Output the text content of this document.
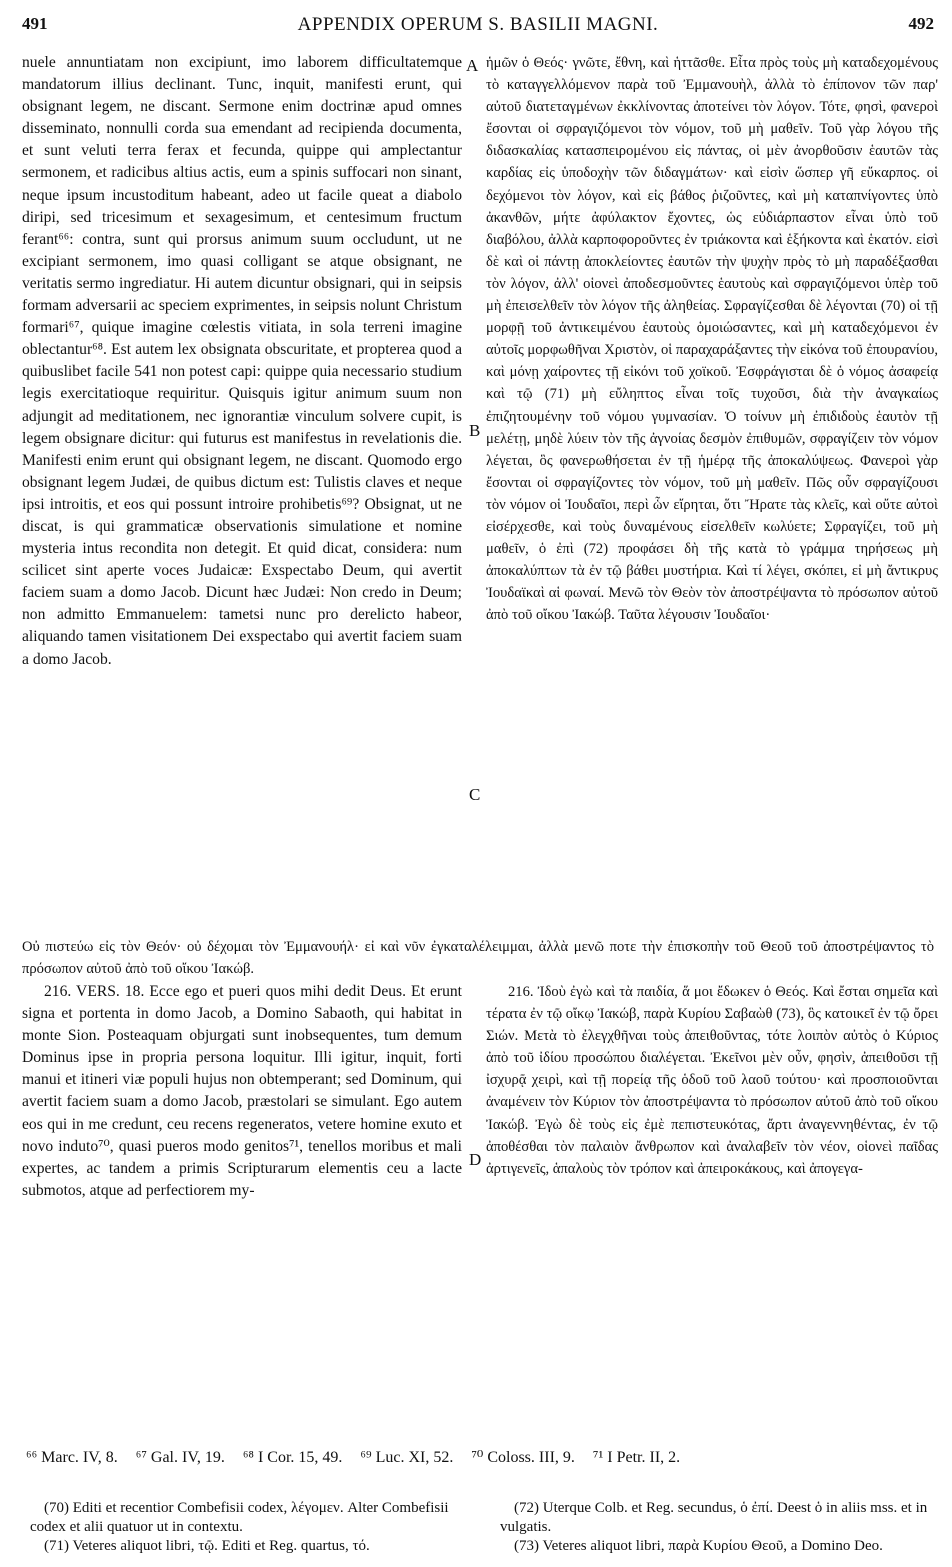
491	APPENDIX OPERUM S. BASILII MAGNI.	492

nuele annuntiatam non excipiunt, imo laborem difficultatemque mandatorum illius declinant. Tunc, inquit, manifesti erunt, qui obsignant legem, ne discant. Sermone enim doctrinæ apud omnes disseminato, nonnulli corda sua emendant ad recipienda documenta, et sunt veluti terra ferax et fecunda, quippe qui amplectantur sermonem, et radicibus altius actis, eum a spinis suffocari non sinant, neque ipsum incustoditum habeant, adeo ut facile queat a diabolo diripi, sed tricesimum et sexagesimum, et centesimum fructum ferant⁶⁶: contra, sunt qui prorsus animum suum occludunt, ut ne excipiant sermonem, imo quasi colligant se atque obsignant, ne veritatis sermo ingrediatur. Hi autem dicuntur obsignari, qui in seipsis formam adversarii ac speciem exprimentes, in seipsis nolunt Christum formari⁶⁷, quique imagine cœlestis vitiata, in sola terreni imagine oblectantur⁶⁸. Est autem lex obsignata obscuritate, et propterea quod a quibuslibet facile 541 non potest capi: quippe quia necessario studium legis exercitatioque requiritur. Quisquis igitur animum suum non adjungit ad meditationem, nec ignorantiæ vinculum solvere cupit, is legem obsignare dicitur: qui futurus est manifestus in revelationis die. Manifesti enim erunt qui obsignant legem, ne discant. Quomodo ergo obsignant legem Judæi, de quibus dictum est: Tulistis claves et neque ipsi introitis, et eos qui possunt introire prohibetis⁶⁹? Obsignat, ut ne discat, is qui grammaticæ observationis simulatione et nomine mysteria intus recondita non detegit. Et quid dicat, considera: num scilicet sint aperte voces Judaicæ: Exspectabo Deum, qui avertit faciem suam a domo Jacob. Dicunt hæc Judæi: Non credo in Deum; non admitto Emmanuelem: tametsi nunc pro derelicto habeor, aliquando tamen visitationem Dei exspectabo qui avertit faciem suam a domo Jacob.

ἡμῶν ὁ Θεός· γνῶτε, ἔθνη, καὶ ἡττᾶσθε. Εἶτα πρὸς τοὺς μὴ καταδεχομένους τὸ καταγγελλόμενον παρὰ τοῦ Ἐμμανουὴλ, ἀλλὰ τὸ ἐπίπονον τῶν παρ' αὐτοῦ διατεταγμένων ἐκκλίνοντας ἀποτείνει τὸν λόγον. Τότε, φησὶ, φανεροὶ ἔσονται οἱ σφραγιζόμενοι τὸν νόμον, τοῦ μὴ μαθεῖν. Τοῦ γὰρ λόγου τῆς διδασκαλίας κατασπειρομένου εἰς πάντας, οἱ μὲν ἀνορθοῦσιν ἑαυτῶν τὰς καρδίας εἰς ὑποδοχὴν τῶν διδαγμάτων· καὶ εἰσὶν ὥσπερ γῆ εὔκαρπος. οἱ δεχόμενοι τὸν λόγον, καὶ εἰς βάθος ῥιζοῦντες, καὶ μὴ καταπνίγοντες ὑπὸ ἀκανθῶν, μήτε ἀφύλακτον ἔχοντες, ὡς εὐδιάρπαστον εἶναι ὑπὸ τοῦ διαβόλου, ἀλλὰ καρποφοροῦντες ἐν τριάκοντα καὶ ἑξήκοντα καὶ ἑκατόν. εἰσὶ δὲ καὶ οἱ πάντῃ ἀποκλείοντες ἑαυτῶν τὴν ψυχὴν πρὸς τὸ μὴ παραδέξασθαι τὸν λόγον, ἀλλ' οἱονεὶ ἀποδεσμοῦντες ἑαυτοὺς καὶ σφραγιζόμενοι ὑπὲρ τοῦ μὴ ἐπεισελθεῖν τὸν λόγον τῆς ἀληθείας. Σφραγίζεσθαι δὲ λέγονται (70) οἱ τῇ μορφῇ τοῦ ἀντικειμένου ἑαυτοὺς ὁμοιώσαντες, καὶ μὴ καταδεχόμενοι ἐν αὐτοῖς μορφωθῆναι Χριστὸν, οἱ παραχαράξαντες τὴν εἰκόνα τοῦ ἐπουρανίου, καὶ μόνῃ χαίροντες τῇ εἰκόνι τοῦ χοϊκοῦ. Ἐσφράγισται δὲ ὁ νόμος ἀσαφείᾳ καὶ τῷ (71) μὴ εὔληπτος εἶναι τοῖς τυχοῦσι, διὰ τὴν ἀναγκαίως ἐπιζητουμένην τοῦ νόμου γυμνασίαν. Ὁ τοίνυν μὴ ἐπιδιδοὺς ἑαυτὸν τῇ μελέτῃ, μηδὲ λύειν τὸν τῆς ἀγνοίας δεσμὸν ἐπιθυμῶν, σφραγίζειν τὸν νόμον λέγεται, ὃς φανερωθήσεται ἐν τῇ ἡμέρᾳ τῆς ἀποκαλύψεως. Φανεροὶ γὰρ ἔσονται οἱ σφραγίζοντες τὸν νόμον, τοῦ μὴ μαθεῖν. Πῶς οὖν σφραγίζουσι τὸν νόμον οἱ Ἰουδαῖοι, περὶ ὧν εἴρηται, ὅτι Ἤρατε τὰς κλεῖς, καὶ οὔτε αὐτοὶ εἰσέρχεσθε, καὶ τοὺς δυναμένους εἰσελθεῖν κωλύετε; Σφραγίζει, τοῦ μὴ μαθεῖν, ὁ ἐπὶ (72) προφάσει δὴ τῆς κατὰ τὸ γράμμα τηρήσεως μὴ ἀποκαλύπτων τὰ ἐν τῷ βάθει μυστήρια. Καὶ τί λέγει, σκόπει, εἰ μὴ ἄντικρυς Ἰουδαϊκαὶ αἱ φωναί. Μενῶ τὸν Θεὸν τὸν ἀποστρέψαντα τὸ πρόσωπον αὐτοῦ ἀπὸ τοῦ οἴκου Ἰακώβ. Ταῦτα λέγουσιν Ἰουδαῖοι·

A
B
C
D

Οὐ πιστεύω εἰς τὸν Θεόν· οὐ δέχομαι τὸν Ἐμμανουήλ· εἰ καὶ νῦν ἐγκαταλέλειμμαι, ἀλλὰ μενῶ ποτε τὴν ἐπισκοπὴν τοῦ Θεοῦ τοῦ ἀποστρέψαντος τὸ πρόσωπον αὐτοῦ ἀπὸ τοῦ οἴκου Ἰακώβ.

216. VERS. 18. Ecce ego et pueri quos mihi dedit Deus. Et erunt signa et portenta in domo Jacob, a Domino Sabaoth, qui habitat in monte Sion. Posteaquam objurgati sunt inobsequentes, tum demum Dominus ipse in propria persona loquitur. Illi igitur, inquit, forti manui et itineri viæ populi hujus non obtemperant; sed Dominum, qui avertit faciem suam a domo Jacob, præstolari se simulant. Ego autem eos qui in me credunt, ceu recens regeneratos, vetere homine exuto et novo induto⁷⁰, quasi pueros modo genitos⁷¹, tenellos moribus et mali expertes, ac tandem a primis Scripturarum elementis ceu a lacte submotos, atque ad perfectiorem my-

216. Ἰδοὺ ἐγὼ καὶ τὰ παιδία, ἅ μοι ἔδωκεν ὁ Θεός. Καὶ ἔσται σημεῖα καὶ τέρατα ἐν τῷ οἴκῳ Ἰακώβ, παρὰ Κυρίου Σαβαὼθ (73), ὃς κατοικεῖ ἐν τῷ ὄρει Σιών. Μετὰ τὸ ἐλεγχθῆναι τοὺς ἀπειθοῦντας, τότε λοιπὸν αὐτὸς ὁ Κύριος ἀπὸ τοῦ ἰδίου προσώπου διαλέγεται. Ἐκεῖνοι μὲν οὖν, φησὶν, ἀπειθοῦσι τῇ ἰσχυρᾷ χειρὶ, καὶ τῇ πορείᾳ τῆς ὁδοῦ τοῦ λαοῦ τούτου· καὶ προσποιοῦνται ἀναμένειν τὸν Κύριον τὸν ἀποστρέψαντα τὸ πρόσωπον αὐτοῦ ἀπὸ τοῦ οἴκου Ἰακώβ. Ἐγὼ δὲ τοὺς εἰς ἐμὲ πεπιστευκότας, ἄρτι ἀναγεννηθέντας, ἐν τῷ ἀποθέσθαι τὸν παλαιὸν ἄνθρωπον καὶ ἀναλαβεῖν τὸν νέον, οἱονεὶ παῖδας ἀρτιγενεῖς, ἁπαλοὺς τὸν τρόπον καὶ ἀπειροκάκους, καὶ ἀπογεγα-

⁶⁶ Marc. IV, 8. ⁶⁷ Gal. IV, 19. ⁶⁸ I Cor. 15, 49. ⁶⁹ Luc. XI, 52. ⁷⁰ Coloss. III, 9. ⁷¹ I Petr. II, 2.

(70) Editi et recentior Combefisii codex, λέγομεν. Alter Combefisii codex et alii quatuor ut in contextu.

(71) Veteres aliquot libri, τῷ. Editi et Reg. quartus, τό.

(72) Uterque Colb. et Reg. secundus, ὁ ἐπί. Deest ὁ in aliis mss. et in vulgatis.

(73) Veteres aliquot libri, παρὰ Κυρίου Θεοῦ, a Domino Deo.
